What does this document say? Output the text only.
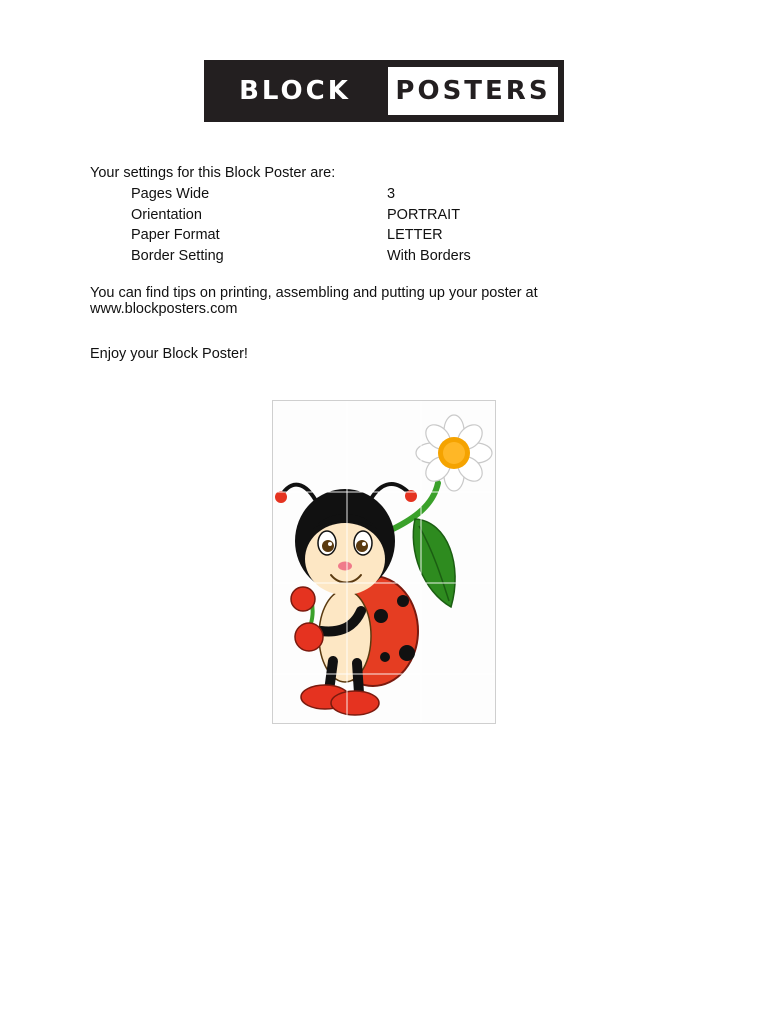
BLOCK	POSTERS
Your settings for this Block Poster are:
Pages Wide	3
Orientation	PORTRAIT
Paper Format	LETTER
Border Setting	With Borders
You can find tips on printing, assembling and putting up your poster at
www.blockposters.com
Enjoy your Block Poster!
